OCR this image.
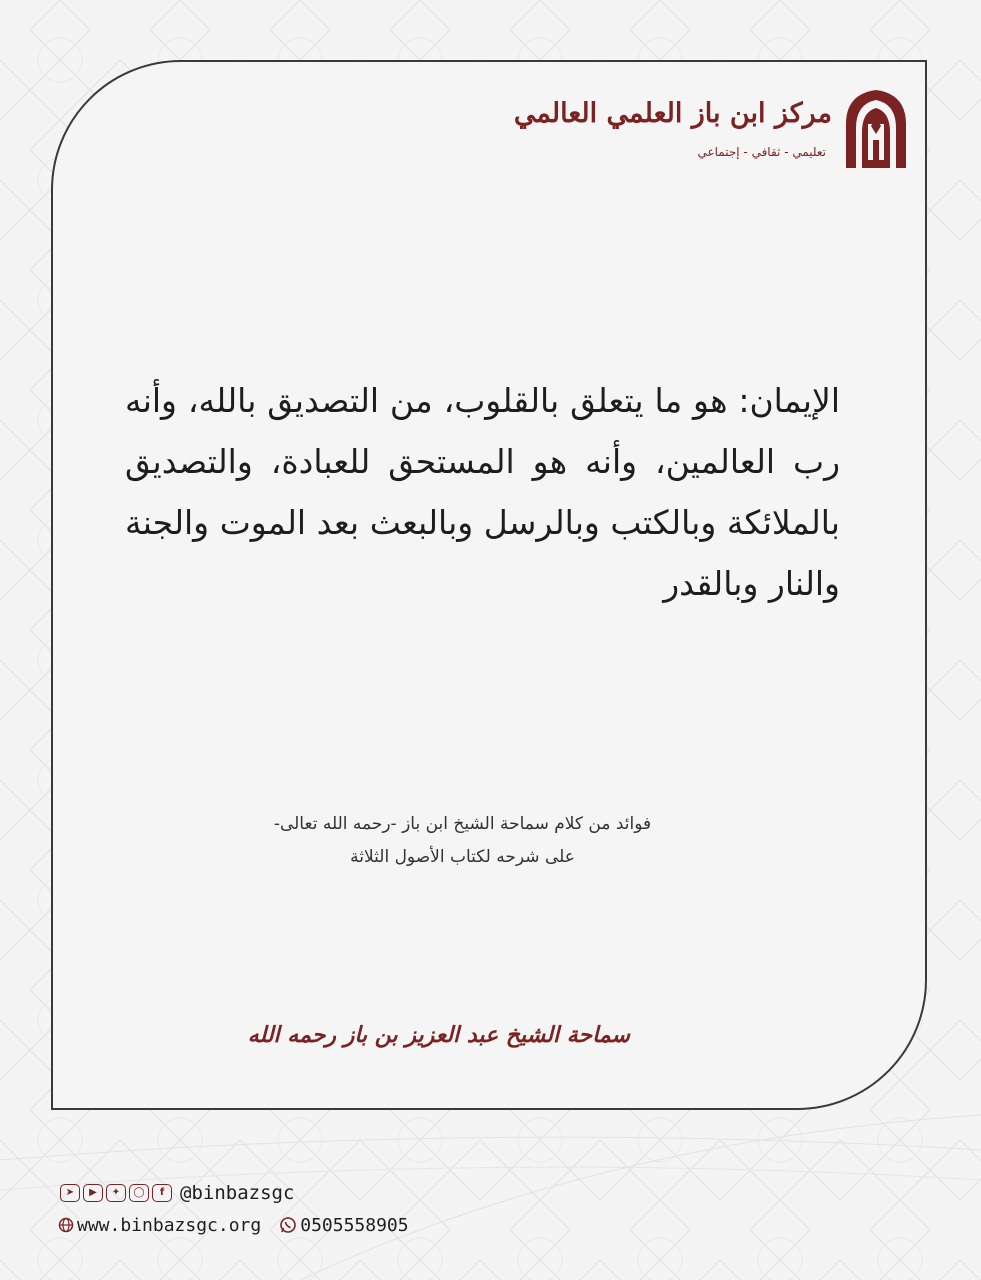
مركز ابن باز العلمي العالمي
تعليمي - ثقافي - إجتماعي

الإيمان: هو ما يتعلق بالقلوب، من التصديق بالله، وأنه رب العالمين، وأنه هو المستحق للعبادة، والتصديق بالملائكة وبالكتب وبالرسل وبالبعث بعد الموت والجنة والنار وبالقدر

فوائد من كلام سماحة الشيخ ابن باز -رحمه الله تعالى-
على شرحه لكتاب الأصول الثلاثة
سماحة الشيخ عبد العزيز بن باز رحمه الله
➤	▶	✦	◯	f @binbazsgc
www.binbazsgc.org 0505558905
